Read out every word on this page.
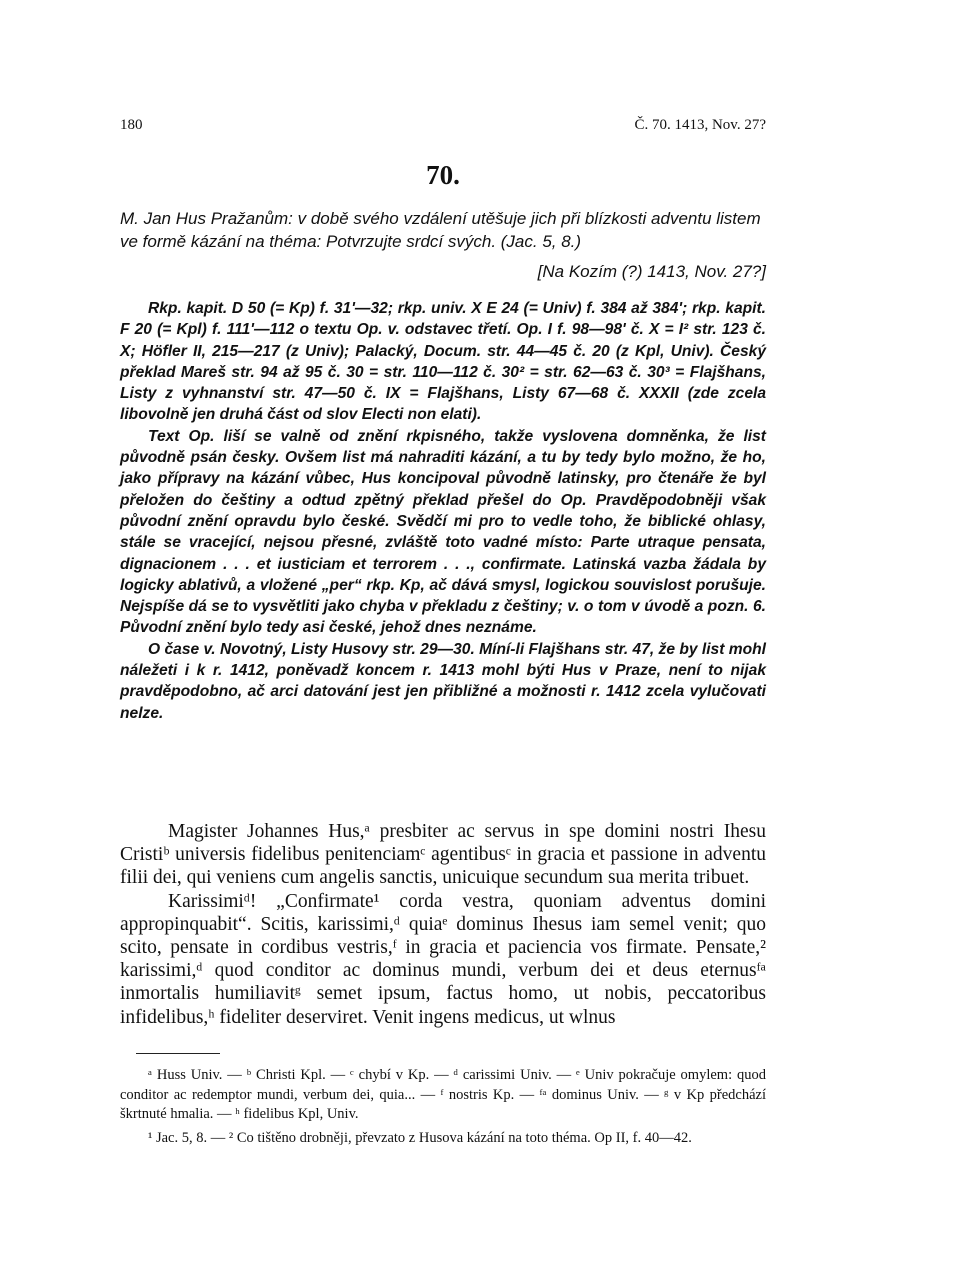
180	Č. 70. 1413, Nov. 27?
70.

M. Jan Hus Pražanům: v době svého vzdálení utěšuje jich při blízkosti adventu listem ve formě kázání na théma: Potvrzujte srdcí svých. (Jac. 5, 8.)

[Na Kozím (?) 1413, Nov. 27?]

Rkp. kapit. D 50 (= Kp) f. 31'—32; rkp. univ. X E 24 (= Univ) f. 384 až 384'; rkp. kapit. F 20 (= Kpl) f. 111'—112 o textu Op. v. odstavec třetí. Op. I f. 98—98' č. X = I² str. 123 č. X; Höfler II, 215—217 (z Univ); Palacký, Docum. str. 44—45 č. 20 (z Kpl, Univ). Český překlad Mareš str. 94 až 95 č. 30 = str. 110—112 č. 30² = str. 62—63 č. 30³ = Flajšhans, Listy z vyhnanství str. 47—50 č. IX = Flajšhans, Listy 67—68 č. XXXII (zde zcela libovolně jen druhá část od slov Electi non elati).

Text Op. liší se valně od znění rkpisného, takže vyslovena domněnka, že list původně psán česky. Ovšem list má nahraditi kázání, a tu by tedy bylo možno, že ho, jako přípravy na kázání vůbec, Hus koncipoval původně latinsky, pro čtenáře že byl přeložen do češtiny a odtud zpětný překlad přešel do Op. Pravděpodobněji však původní znění opravdu bylo české. Svědčí mi pro to vedle toho, že biblické ohlasy, stále se vracející, nejsou přesné, zvláště toto vadné místo: Parte utraque pensata, dignacionem . . . et iusticiam et terrorem . . ., confirmate. Latinská vazba žádala by logicky ablativů, a vložené „per“ rkp. Kp, ač dává smysl, logickou souvislost porušuje. Nejspíše dá se to vysvětliti jako chyba v překladu z češtiny; v. o tom v úvodě a pozn. 6. Původní znění bylo tedy asi české, jehož dnes neznáme.

O čase v. Novotný, Listy Husovy str. 29—30. Míní-li Flajšhans str. 47, že by list mohl náležeti i k r. 1412, poněvadž koncem r. 1413 mohl býti Hus v Praze, není to nijak pravděpodobno, ač arci datování jest jen přibližné a možnosti r. 1412 zcela vylučovati nelze.

Magister Johannes Hus,ᵃ presbiter ac servus in spe domini nostri Ihesu Cristiᵇ universis fidelibus penitenciamᶜ agentibusᶜ in gracia et passione in adventu filii dei, qui veniens cum angelis sanctis, unicuique secundum sua merita tribuet.

Karissimiᵈ! „Confirmate¹ corda vestra, quoniam adventus domini appropinquabit“. Scitis, karissimi,ᵈ quiaᵉ dominus Ihesus iam semel venit; quo scito, pensate in cordibus vestris,ᶠ in gracia et paciencia vos firmate. Pensate,² karissimi,ᵈ quod conditor ac dominus mundi, verbum dei et deus eternusᶠᵃ inmortalis humiliavitᵍ semet ipsum, factus homo, ut nobis, peccatoribus infidelibus,ʰ fideliter deserviret. Venit ingens medicus, ut wlnus

ᵃ Huss Univ. — ᵇ Christi Kpl. — ᶜ chybí v Kp. — ᵈ carissimi Univ. — ᵉ Univ pokračuje omylem: quod conditor ac redemptor mundi, verbum dei, quia... — ᶠ nostris Kp. — ᶠᵃ dominus Univ. — ᵍ v Kp předchází škrtnuté hmalia. — ʰ fidelibus Kpl, Univ.

¹ Jac. 5, 8. — ² Co tištěno drobněji, převzato z Husova kázání na toto théma. Op II, f. 40—42.
